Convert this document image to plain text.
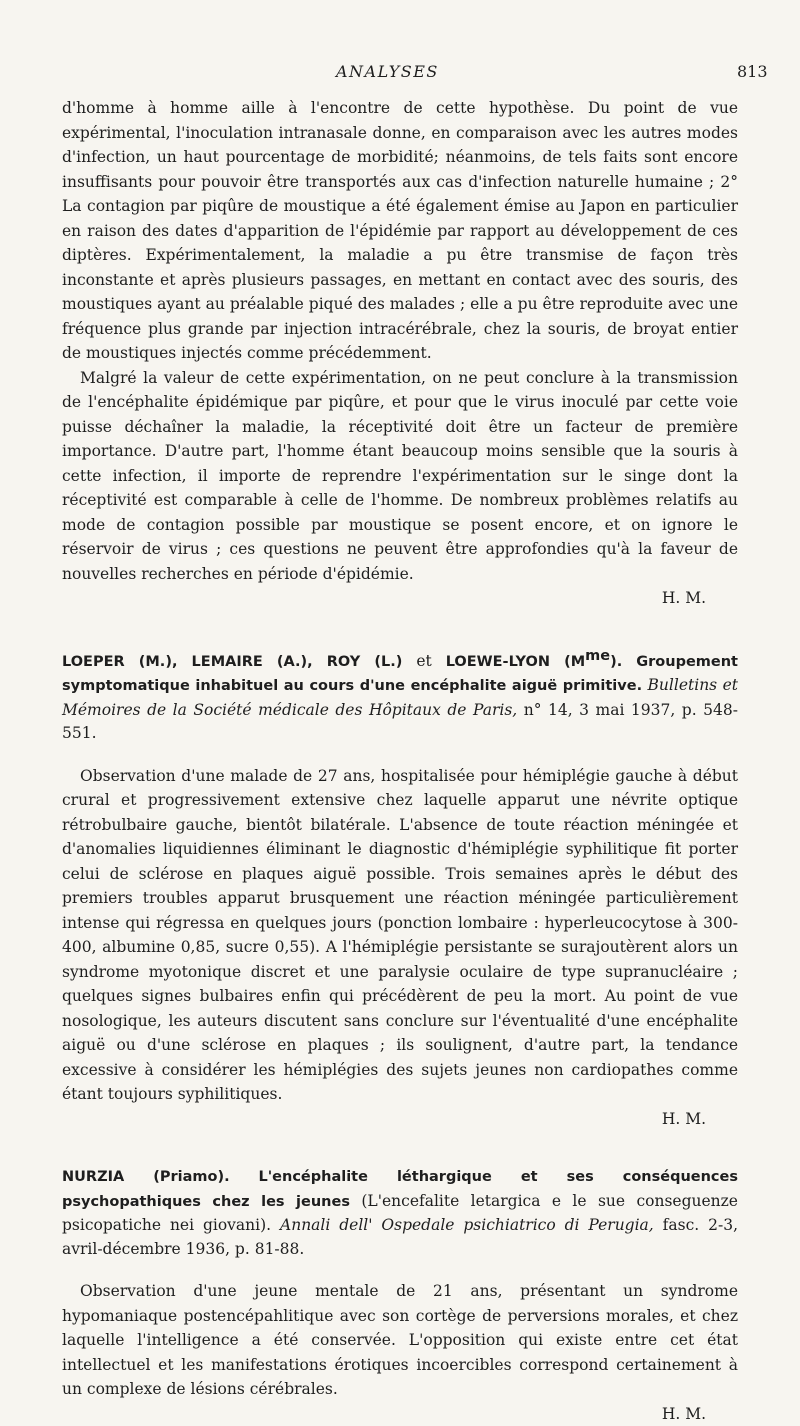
ANALYSES	813

d'homme à homme aille à l'encontre de cette hypothèse. Du point de vue expérimental, l'inoculation intranasale donne, en comparaison avec les autres modes d'infection, un haut pourcentage de morbidité; néanmoins, de tels faits sont encore insuffisants pour pouvoir être transportés aux cas d'infection naturelle humaine ; 2° La contagion par piqûre de moustique a été également émise au Japon en particulier en raison des dates d'apparition de l'épidémie par rapport au développement de ces diptères. Expérimentalement, la maladie a pu être transmise de façon très inconstante et après plusieurs passages, en mettant en contact avec des souris, des moustiques ayant au préalable piqué des malades ; elle a pu être reproduite avec une fréquence plus grande par injection intracérébrale, chez la souris, de broyat entier de moustiques injectés comme précédemment.

Malgré la valeur de cette expérimentation, on ne peut conclure à la transmission de l'encéphalite épidémique par piqûre, et pour que le virus inoculé par cette voie puisse déchaîner la maladie, la réceptivité doit être un facteur de première importance. D'autre part, l'homme étant beaucoup moins sensible que la souris à cette infection, il importe de reprendre l'expérimentation sur le singe dont la réceptivité est comparable à celle de l'homme. De nombreux problèmes relatifs au mode de contagion possible par moustique se posent encore, et on ignore le réservoir de virus ; ces questions ne peuvent être approfondies qu'à la faveur de nouvelles recherches en période d'épidémie.

H. M.

LOEPER (M.), LEMAIRE (A.), ROY (L.) et LOEWE-LYON $(M^{me})$. Groupement symptomatique inhabituel au cours d'une encéphalite aiguë primitive. Bulletins et Mémoires de la Société médicale des Hôpitaux de Paris, n° 14, 3 mai 1937, p. 548-551.

Observation d'une malade de 27 ans, hospitalisée pour hémiplégie gauche à début crural et progressivement extensive chez laquelle apparut une névrite optique rétrobulbaire gauche, bientôt bilatérale. L'absence de toute réaction méningée et d'anomalies liquidiennes éliminant le diagnostic d'hémiplégie syphilitique fit porter celui de sclérose en plaques aiguë possible. Trois semaines après le début des premiers troubles apparut brusquement une réaction méningée particulièrement intense qui régressa en quelques jours (ponction lombaire : hyperleucocytose à 300-400, albumine 0,85, sucre 0,55). A l'hémiplégie persistante se surajoutèrent alors un syndrome myotonique discret et une paralysie oculaire de type supranucléaire ; quelques signes bulbaires enfin qui précédèrent de peu la mort. Au point de vue nosologique, les auteurs discutent sans conclure sur l'éventualité d'une encéphalite aiguë ou d'une sclérose en plaques ; ils soulignent, d'autre part, la tendance excessive à considérer les hémiplégies des sujets jeunes non cardiopathes comme étant toujours syphilitiques.

H. M.

NURZIA (Priamo). L'encéphalite léthargique et ses conséquences psychopathiques chez les jeunes (L'encefalite letargica e le sue conseguenze psicopatiche nei giovani). Annali dell' Ospedale psichiatrico di Perugia, fasc. 2-3, avril-décembre 1936, p. 81-88.

Observation d'une jeune mentale de 21 ans, présentant un syndrome hypomaniaque postencépahlitique avec son cortège de perversions morales, et chez laquelle l'intelligence a été conservée. L'opposition qui existe entre cet état intellectuel et les manifestations érotiques incoercibles correspond certainement à un complexe de lésions cérébrales.

H. M.
